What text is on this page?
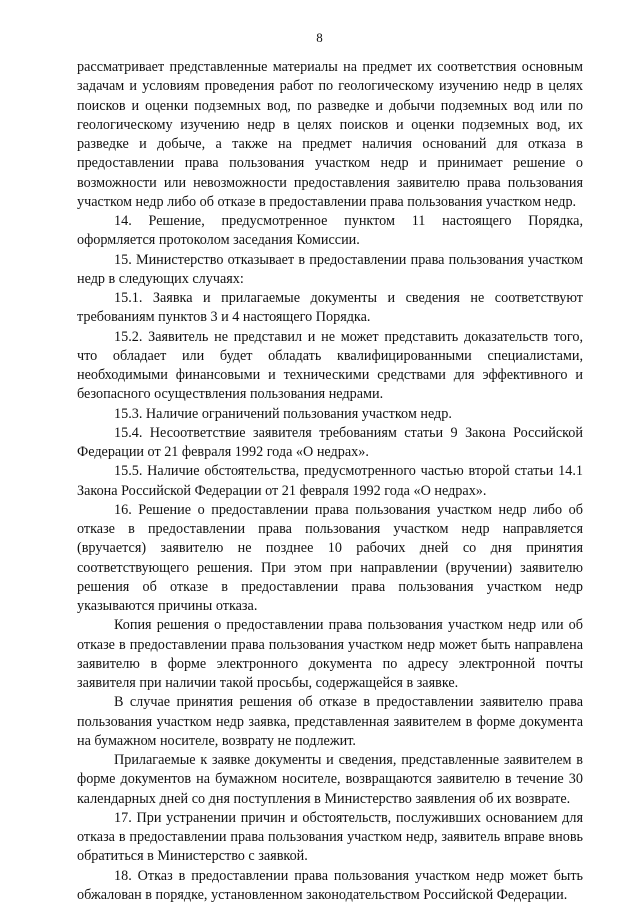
8

рассматривает представленные материалы на предмет их соответствия основным задачам и условиям проведения работ по геологическому изучению недр в целях поисков и оценки подземных вод, по разведке и добычи подземных вод или по геологическому изучению недр в целях поисков и оценки подземных вод, их разведке и добыче, а также на предмет наличия оснований для отказа в предоставлении права пользования участком недр и принимает решение о возможности или невозможности предоставления заявителю права пользования участком недр либо об отказе в предоставлении права пользования участком недр.

14. Решение, предусмотренное пунктом 11 настоящего Порядка, оформляется протоколом заседания Комиссии.

15. Министерство отказывает в предоставлении права пользования участком недр в следующих случаях:

15.1. Заявка и прилагаемые документы и сведения не соответствуют требованиям пунктов 3 и 4 настоящего Порядка.

15.2. Заявитель не представил и не может представить доказательств того, что обладает или будет обладать квалифицированными специалистами, необходимыми финансовыми и техническими средствами для эффективного и безопасного осуществления пользования недрами.

15.3. Наличие ограничений пользования участком недр.

15.4. Несоответствие заявителя требованиям статьи 9 Закона Российской Федерации от 21 февраля 1992 года «О недрах».

15.5. Наличие обстоятельства, предусмотренного частью второй статьи 14.1 Закона Российской Федерации от 21 февраля 1992 года «О недрах».

16. Решение о предоставлении права пользования участком недр либо об отказе в предоставлении права пользования участком недр направляется (вручается) заявителю не позднее 10 рабочих дней со дня принятия соответствующего решения. При этом при направлении (вручении) заявителю решения об отказе в предоставлении права пользования участком недр указываются причины отказа.

Копия решения о предоставлении права пользования участком недр или об отказе в предоставлении права пользования участком недр может быть направлена заявителю в форме электронного документа по адресу электронной почты заявителя при наличии такой просьбы, содержащейся в заявке.

В случае принятия решения об отказе в предоставлении заявителю права пользования участком недр заявка, представленная заявителем в форме документа на бумажном носителе, возврату не подлежит.

Прилагаемые к заявке документы и сведения, представленные заявителем в форме документов на бумажном носителе, возвращаются заявителю в течение 30 календарных дней со дня поступления в Министерство заявления об их возврате.

17. При устранении причин и обстоятельств, послуживших основанием для отказа в предоставлении права пользования участком недр, заявитель вправе вновь обратиться в Министерство с заявкой.

18. Отказ в предоставлении права пользования участком недр может быть обжалован в порядке, установленном законодательством Российской Федерации.
